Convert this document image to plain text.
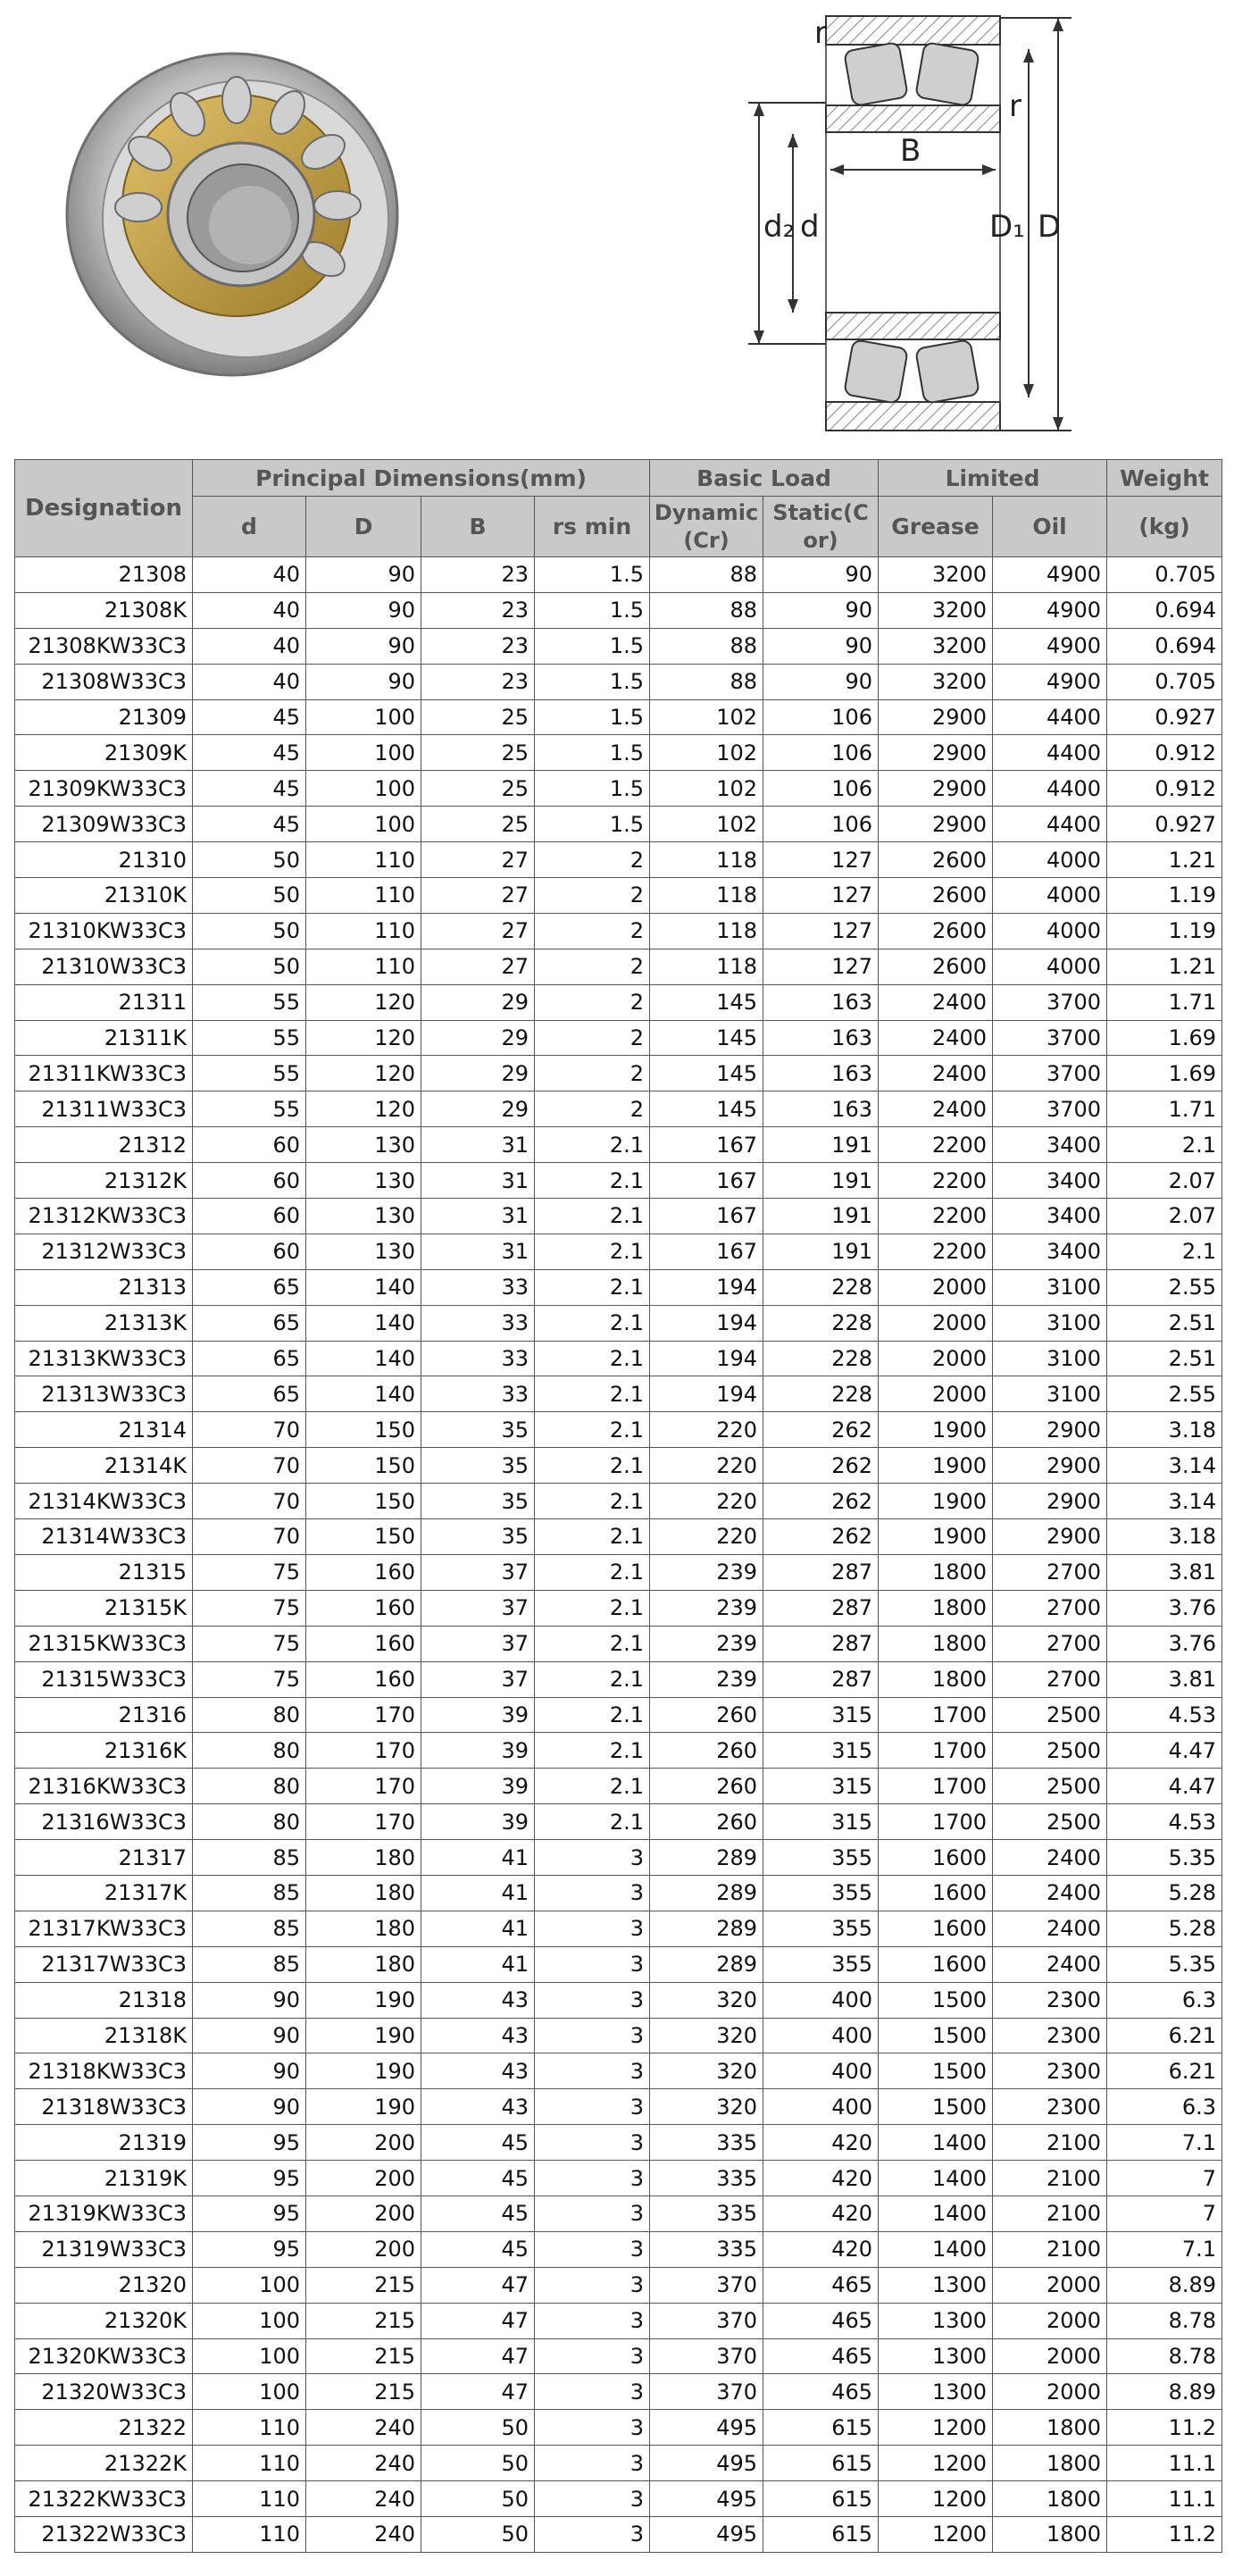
r
r
B
d₂ d	D₁ D
Designation	Principal Dimensions(mm)				Basic Load		Limited		Weight
	d	D	B	rs min	Dynamic (Cr)	Static(C or)	Grease	Oil	(kg)
21308	40	90	23	1.5	88	90	3200	4900	0.705
21308K	40	90	23	1.5	88	90	3200	4900	0.694
21308KW33C3	40	90	23	1.5	88	90	3200	4900	0.694
21308W33C3	40	90	23	1.5	88	90	3200	4900	0.705
21309	45	100	25	1.5	102	106	2900	4400	0.927
21309K	45	100	25	1.5	102	106	2900	4400	0.912
21309KW33C3	45	100	25	1.5	102	106	2900	4400	0.912
21309W33C3	45	100	25	1.5	102	106	2900	4400	0.927
21310	50	110	27	2	118	127	2600	4000	1.21
21310K	50	110	27	2	118	127	2600	4000	1.19
21310KW33C3	50	110	27	2	118	127	2600	4000	1.19
21310W33C3	50	110	27	2	118	127	2600	4000	1.21
21311	55	120	29	2	145	163	2400	3700	1.71
21311K	55	120	29	2	145	163	2400	3700	1.69
21311KW33C3	55	120	29	2	145	163	2400	3700	1.69
21311W33C3	55	120	29	2	145	163	2400	3700	1.71
21312	60	130	31	2.1	167	191	2200	3400	2.1
21312K	60	130	31	2.1	167	191	2200	3400	2.07
21312KW33C3	60	130	31	2.1	167	191	2200	3400	2.07
21312W33C3	60	130	31	2.1	167	191	2200	3400	2.1
21313	65	140	33	2.1	194	228	2000	3100	2.55
21313K	65	140	33	2.1	194	228	2000	3100	2.51
21313KW33C3	65	140	33	2.1	194	228	2000	3100	2.51
21313W33C3	65	140	33	2.1	194	228	2000	3100	2.55
21314	70	150	35	2.1	220	262	1900	2900	3.18
21314K	70	150	35	2.1	220	262	1900	2900	3.14
21314KW33C3	70	150	35	2.1	220	262	1900	2900	3.14
21314W33C3	70	150	35	2.1	220	262	1900	2900	3.18
21315	75	160	37	2.1	239	287	1800	2700	3.81
21315K	75	160	37	2.1	239	287	1800	2700	3.76
21315KW33C3	75	160	37	2.1	239	287	1800	2700	3.76
21315W33C3	75	160	37	2.1	239	287	1800	2700	3.81
21316	80	170	39	2.1	260	315	1700	2500	4.53
21316K	80	170	39	2.1	260	315	1700	2500	4.47
21316KW33C3	80	170	39	2.1	260	315	1700	2500	4.47
21316W33C3	80	170	39	2.1	260	315	1700	2500	4.53
21317	85	180	41	3	289	355	1600	2400	5.35
21317K	85	180	41	3	289	355	1600	2400	5.28
21317KW33C3	85	180	41	3	289	355	1600	2400	5.28
21317W33C3	85	180	41	3	289	355	1600	2400	5.35
21318	90	190	43	3	320	400	1500	2300	6.3
21318K	90	190	43	3	320	400	1500	2300	6.21
21318KW33C3	90	190	43	3	320	400	1500	2300	6.21
21318W33C3	90	190	43	3	320	400	1500	2300	6.3
21319	95	200	45	3	335	420	1400	2100	7.1
21319K	95	200	45	3	335	420	1400	2100	7
21319KW33C3	95	200	45	3	335	420	1400	2100	7
21319W33C3	95	200	45	3	335	420	1400	2100	7.1
21320	100	215	47	3	370	465	1300	2000	8.89
21320K	100	215	47	3	370	465	1300	2000	8.78
21320KW33C3	100	215	47	3	370	465	1300	2000	8.78
21320W33C3	100	215	47	3	370	465	1300	2000	8.89
21322	110	240	50	3	495	615	1200	1800	11.2
21322K	110	240	50	3	495	615	1200	1800	11.1
21322KW33C3	110	240	50	3	495	615	1200	1800	11.1
21322W33C3	110	240	50	3	495	615	1200	1800	11.2
